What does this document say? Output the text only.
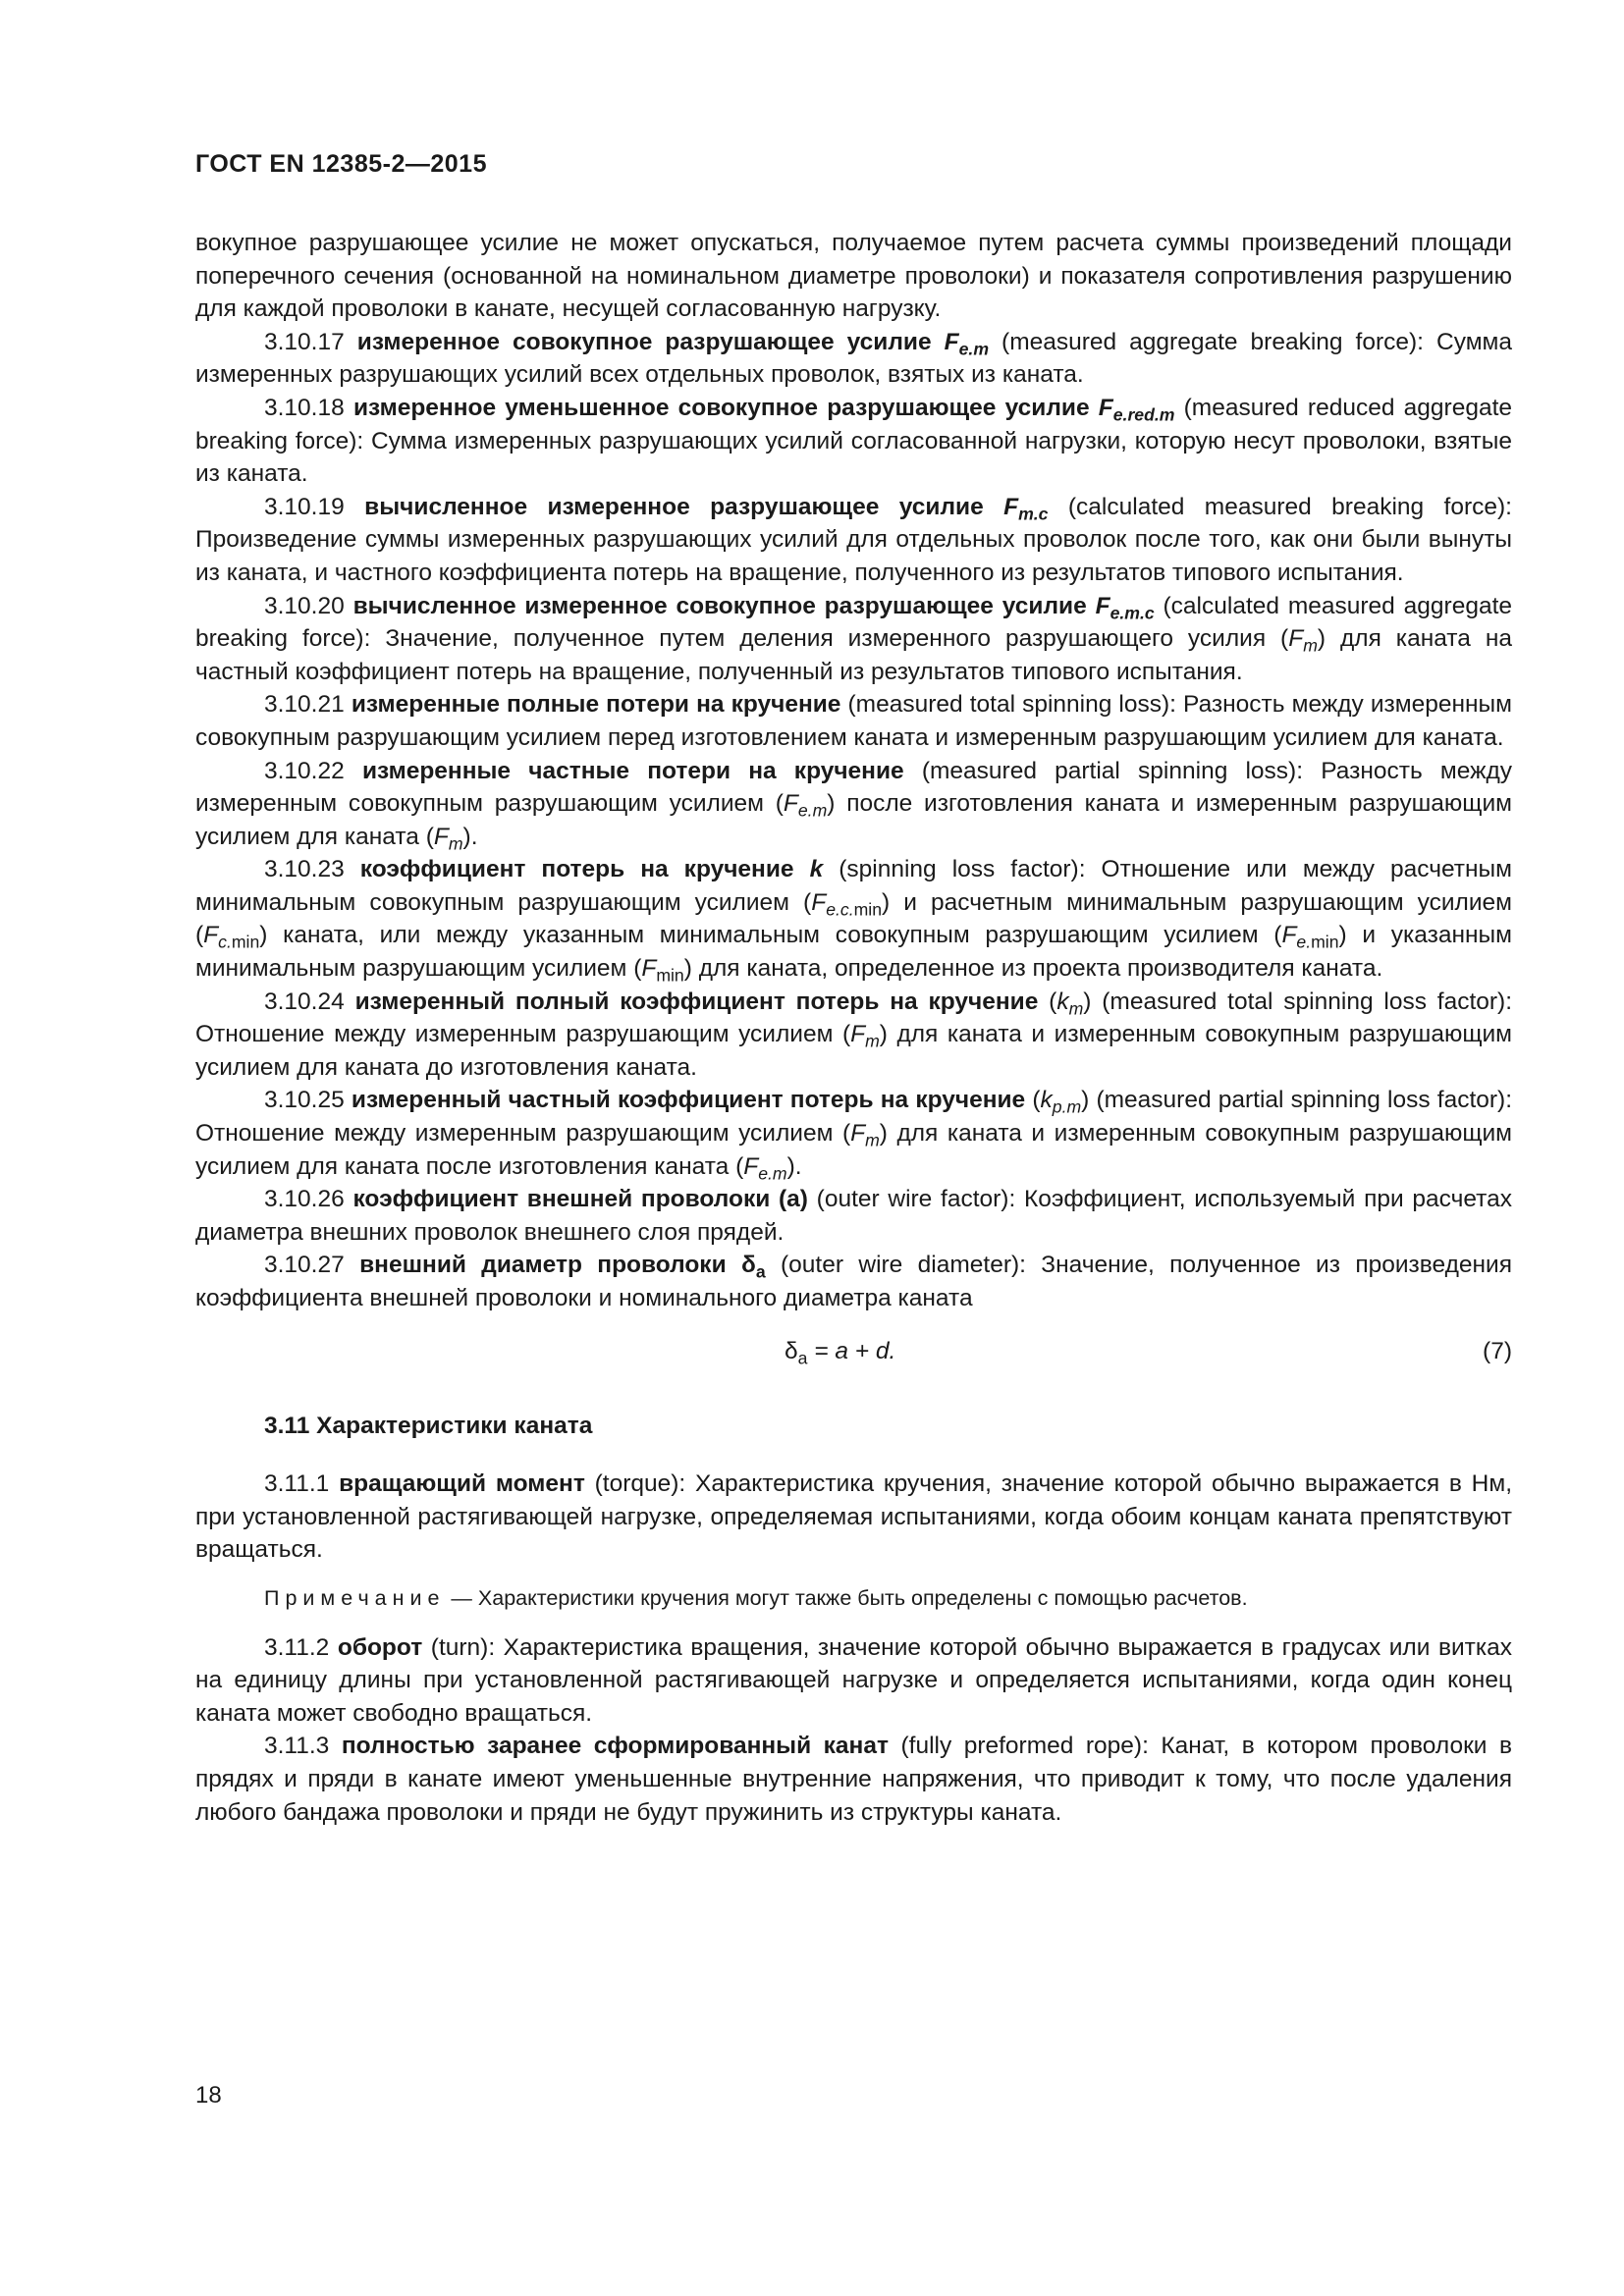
ГОСТ EN 12385-2—2015

вокупное разрушающее усилие не может опускаться, получаемое путем расчета суммы произведений площади поперечного сечения (основанной на номинальном диаметре проволоки) и показателя сопротивления разрушению для каждой проволоки в канате, несущей согласованную нагрузку.

3.10.17 измеренное совокупное разрушающее усилие $F_{e.m}$ (measured aggregate breaking force): Сумма измеренных разрушающих усилий всех отдельных проволок, взятых из каната.

3.10.18 измеренное уменьшенное совокупное разрушающее усилие $F_{e.red.m}$ (measured reduced aggregate breaking force): Сумма измеренных разрушающих усилий согласованной нагрузки, которую несут проволоки, взятые из каната.

3.10.19 вычисленное измеренное разрушающее усилие $F_{m.c}$ (calculated measured breaking force): Произведение суммы измеренных разрушающих усилий для отдельных проволок после того, как они были вынуты из каната, и частного коэффициента потерь на вращение, полученного из результатов типового испытания.

3.10.20 вычисленное измеренное совокупное разрушающее усилие $F_{e.m.c}$ (calculated measured aggregate breaking force): Значение, полученное путем деления измеренного разрушающего усилия $(F_m)$ для каната на частный коэффициент потерь на вращение, полученный из результатов типового испытания.

3.10.21 измеренные полные потери на кручение (measured total spinning loss): Разность между измеренным совокупным разрушающим усилием перед изготовлением каната и измеренным разрушающим усилием для каната.

3.10.22 измеренные частные потери на кручение (measured partial spinning loss): Разность между измеренным совокупным разрушающим усилием $(F_{e.m})$ после изготовления каната и измеренным разрушающим усилием для каната $(F_m)$.

3.10.23 коэффициент потерь на кручение k (spinning loss factor): Отношение или между расчетным минимальным совокупным разрушающим усилием $(F_{e.c.min})$ и расчетным минимальным разрушающим усилием $(F_{c.min})$ каната, или между указанным минимальным совокупным разрушающим усилием $(F_{e.min})$ и указанным минимальным разрушающим усилием $(F_{min})$ для каната, определенное из проекта производителя каната.

3.10.24 измеренный полный коэффициент потерь на кручение $(k_m)$ (measured total spinning loss factor): Отношение между измеренным разрушающим усилием $(F_m)$ для каната и измеренным совокупным разрушающим усилием для каната до изготовления каната.

3.10.25 измеренный частный коэффициент потерь на кручение $(k_{p.m})$ (measured partial spinning loss factor): Отношение между измеренным разрушающим усилием $(F_m)$ для каната и измеренным совокупным разрушающим усилием для каната после изготовления каната $(F_{e.m})$.

3.10.26 коэффициент внешней проволоки (a) (outer wire factor): Коэффициент, используемый при расчетах диаметра внешних проволок внешнего слоя прядей.

3.10.27 внешний диаметр проволоки $\delta_a$ (outer wire diameter): Значение, полученное из произведения коэффициента внешней проволоки и номинального диаметра каната

$\delta_a = a + d$.	(7)

3.11 Характеристики каната

3.11.1 вращающий момент (torque): Характеристика кручения, значение которой обычно выражается в Нм, при установленной растягивающей нагрузке, определяемая испытаниями, когда обоим концам каната препятствуют вращаться.

Примечание — Характеристики кручения могут также быть определены с помощью расчетов.

3.11.2 оборот (turn): Характеристика вращения, значение которой обычно выражается в градусах или витках на единицу длины при установленной растягивающей нагрузке и определяется испытаниями, когда один конец каната может свободно вращаться.

3.11.3 полностью заранее сформированный канат (fully preformed rope): Канат, в котором проволоки в прядях и пряди в канате имеют уменьшенные внутренние напряжения, что приводит к тому, что после удаления любого бандажа проволоки и пряди не будут пружинить из структуры каната.

18
